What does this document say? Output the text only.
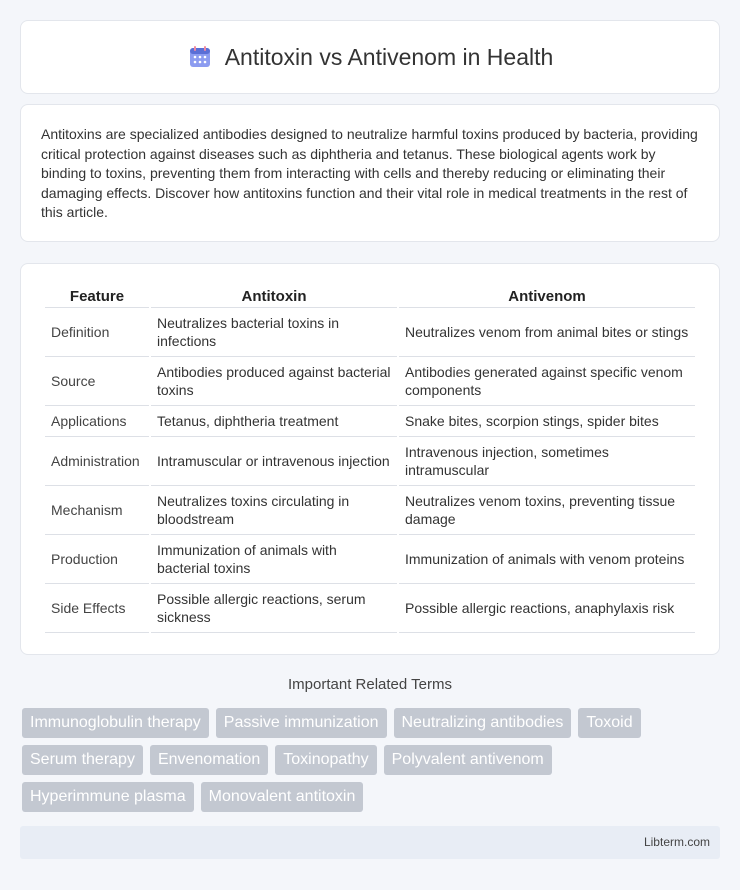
Antitoxin vs Antivenom in Health

Antitoxins are specialized antibodies designed to neutralize harmful toxins produced by bacteria, providing critical protection against diseases such as diphtheria and tetanus. These biological agents work by binding to toxins, preventing them from interacting with cells and thereby reducing or eliminating their damaging effects. Discover how antitoxins function and their vital role in medical treatments in the rest of this article.

Feature	Antitoxin	Antivenom
Definition	Neutralizes bacterial toxins in infections	Neutralizes venom from animal bites or stings
Source	Antibodies produced against bacterial toxins	Antibodies generated against specific venom components
Applications	Tetanus, diphtheria treatment	Snake bites, scorpion stings, spider bites
Administration	Intramuscular or intravenous injection	Intravenous injection, sometimes intramuscular
Mechanism	Neutralizes toxins circulating in bloodstream	Neutralizes venom toxins, preventing tissue damage
Production	Immunization of animals with bacterial toxins	Immunization of animals with venom proteins
Side Effects	Possible allergic reactions, serum sickness	Possible allergic reactions, anaphylaxis risk
Important Related Terms
Immunoglobulin therapy	Passive immunization	Neutralizing antibodies	Toxoid
Serum therapy	Envenomation	Toxinopathy	Polyvalent antivenom
Hyperimmune plasma	Monovalent antitoxin
Libterm.com
